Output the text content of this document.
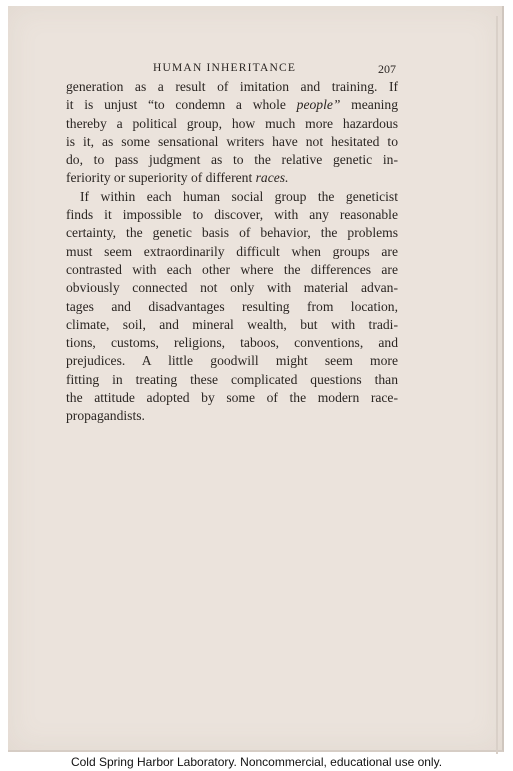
HUMAN INHERITANCE	207

generation as a result of imitation and training. If
it is unjust “to condemn a whole people” meaning
thereby a political group, how much more hazardous
is it, as some sensational writers have not hesitated to
do, to pass judgment as to the relative genetic in-
feriority or superiority of different races.

If within each human social group the geneticist
finds it impossible to discover, with any reasonable
certainty, the genetic basis of behavior, the problems
must seem extraordinarily difficult when groups are
contrasted with each other where the differences are
obviously connected not only with material advan-
tages and disadvantages resulting from location,
climate, soil, and mineral wealth, but with tradi-
tions, customs, religions, taboos, conventions, and
prejudices. A little goodwill might seem more
fitting in treating these complicated questions than
the attitude adopted by some of the modern race-
propagandists.

Cold Spring Harbor Laboratory. Noncommercial, educational use only.
